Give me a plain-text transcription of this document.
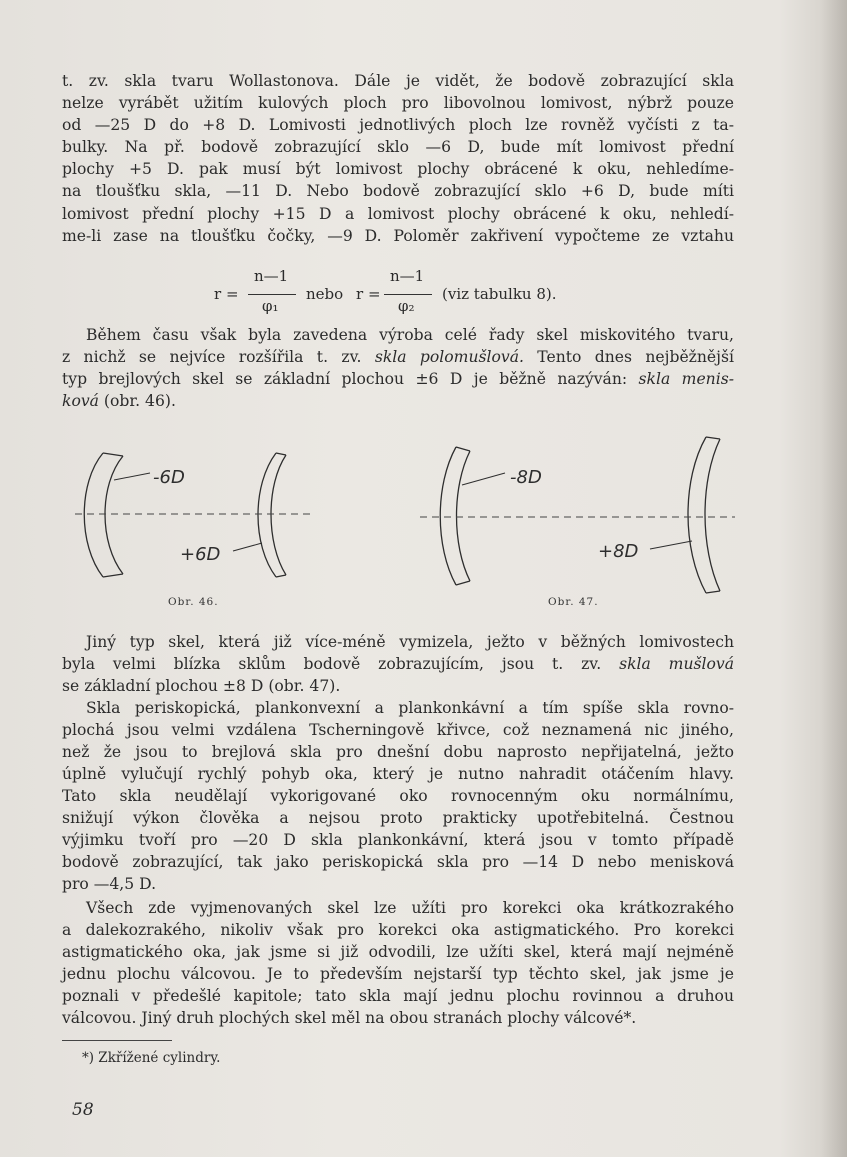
t. zv. skla tvaru Wollastonova. Dále je vidět, že bodově zobrazující skla

nelze vyrábět užitím kulových ploch pro libovolnou lomivost, nýbrž pouze

od —25 D do +8 D. Lomivosti jednotlivých ploch lze rovněž vyčísti z ta-

bulky. Na př. bodově zobrazující sklo —6 D, bude mít lomivost přední

plochy +5 D. pak musí být lomivost plochy obrácené k oku, nehledíme-

na tloušťku skla, —11 D. Nebo bodově zobrazující sklo +6 D, bude míti

lomivost přední plochy +15 D a lomivost plochy obrácené k oku, nehledí-

me-li zase na tloušťku čočky, —9 D. Poloměr zakřivení vypočteme ze vztahu

r =
n—1
φ₁
nebo r =
n—1
φ₂
(viz tabulku 8).

Během času však byla zavedena výroba celé řady skel miskovitého tvaru,

z nichž se nejvíce rozšířila t. zv. skla polomušlová. Tento dnes nejběžnější

typ brejlových skel se základní plochou ±6 D je běžně nazýván: skla menis-

ková (obr. 46).

-6D
+6D
-8D
+8D
Obr. 46.	Obr. 47.

Jiný typ skel, která již více-méně vymizela, ježto v běžných lomivostech

byla velmi blízka sklům bodově zobrazujícím, jsou t. zv. skla mušlová

se základní plochou ±8 D (obr. 47).

Skla periskopická, plankonvexní a plankonkávní a tím spíše skla rovno-

plochá jsou velmi vzdálena Tscherningově křivce, což neznamená nic jiného,

než že jsou to brejlová skla pro dnešní dobu naprosto nepřijatelná, ježto

úplně vylučují rychlý pohyb oka, který je nutno nahradit otáčením hlavy.

Tato skla neudělají vykorigované oko rovnocenným oku normálnímu,

snižují výkon člověka a nejsou proto prakticky upotřebitelná. Čestnou

výjimku tvoří pro —20 D skla plankonkávní, která jsou v tomto případě

bodově zobrazující, tak jako periskopická skla pro —14 D nebo menisková

pro —4,5 D.

Všech zde vyjmenovaných skel lze užíti pro korekci oka krátkozrakého

a dalekozrakého, nikoliv však pro korekci oka astigmatického. Pro korekci

astigmatického oka, jak jsme si již odvodili, lze užíti skel, která mají nejméně

jednu plochu válcovou. Je to především nejstarší typ těchto skel, jak jsme je

poznali v předešlé kapitole; tato skla mají jednu plochu rovinnou a druhou

válcovou. Jiný druh plochých skel měl na obou stranách plochy válcové*.

*) Zkřížené cylindry.
58
